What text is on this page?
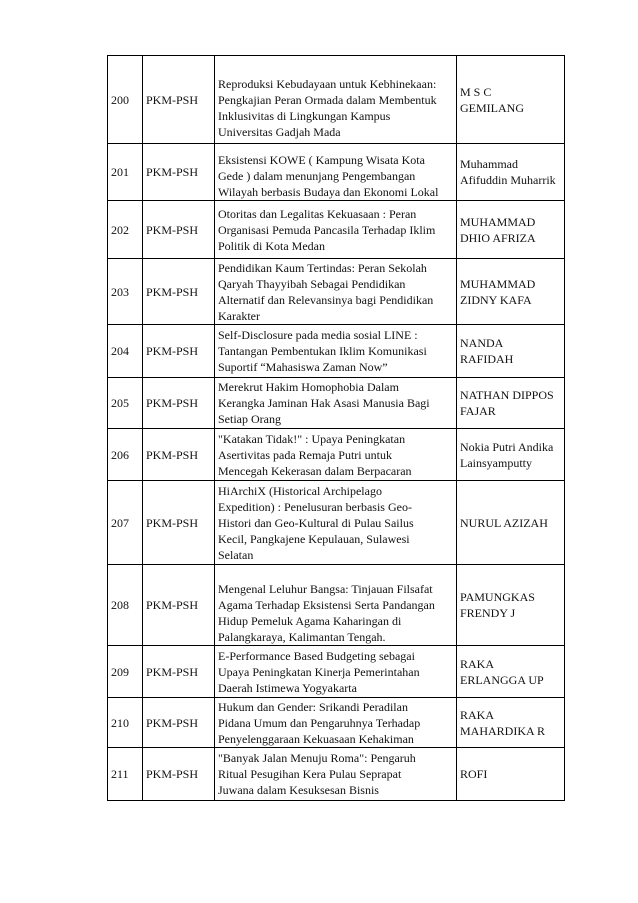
200	PKM-PSH	Reproduksi Kebudayaan untuk Kebhinekaan:
Pengkajian Peran Ormada dalam Membentuk
Inklusivitas di Lingkungan Kampus
Universitas Gadjah Mada	M S C
GEMILANG
201	PKM-PSH	Eksistensi KOWE ( Kampung Wisata Kota
Gede ) dalam menunjang Pengembangan
Wilayah berbasis Budaya dan Ekonomi Lokal	Muhammad
Afifuddin Muharrik
202	PKM-PSH	Otoritas dan Legalitas Kekuasaan : Peran
Organisasi Pemuda Pancasila Terhadap Iklim
Politik di Kota Medan	MUHAMMAD
DHIO AFRIZA
203	PKM-PSH	Pendidikan Kaum Tertindas: Peran Sekolah
Qaryah Thayyibah Sebagai Pendidikan
Alternatif dan Relevansinya bagi Pendidikan
Karakter	MUHAMMAD
ZIDNY KAFA
204	PKM-PSH	Self-Disclosure pada media sosial LINE :
Tantangan Pembentukan Iklim Komunikasi
Suportif “Mahasiswa Zaman Now”	NANDA
RAFIDAH
205	PKM-PSH	Merekrut Hakim Homophobia Dalam
Kerangka Jaminan Hak Asasi Manusia Bagi
Setiap Orang	NATHAN DIPPOS
FAJAR
206	PKM-PSH	"Katakan Tidak!" : Upaya Peningkatan
Asertivitas pada Remaja Putri untuk
Mencegah Kekerasan dalam Berpacaran	Nokia Putri Andika
Lainsyamputty
207	PKM-PSH	HiArchiX (Historical Archipelago
Expedition) : Penelusuran berbasis Geo-
Histori dan Geo-Kultural di Pulau Sailus
Kecil, Pangkajene Kepulauan, Sulawesi
Selatan	NURUL AZIZAH
208	PKM-PSH	Mengenal Leluhur Bangsa: Tinjauan Filsafat
Agama Terhadap Eksistensi Serta Pandangan
Hidup Pemeluk Agama Kaharingan di
Palangkaraya, Kalimantan Tengah.	PAMUNGKAS
FRENDY J
209	PKM-PSH	E-Performance Based Budgeting sebagai
Upaya Peningkatan Kinerja Pemerintahan
Daerah Istimewa Yogyakarta	RAKA
ERLANGGA UP
210	PKM-PSH	Hukum dan Gender: Srikandi Peradilan
Pidana Umum dan Pengaruhnya Terhadap
Penyelenggaraan Kekuasaan Kehakiman	RAKA
MAHARDIKA R
211	PKM-PSH	"Banyak Jalan Menuju Roma": Pengaruh
Ritual Pesugihan Kera Pulau Seprapat
Juwana dalam Kesuksesan Bisnis	ROFI
